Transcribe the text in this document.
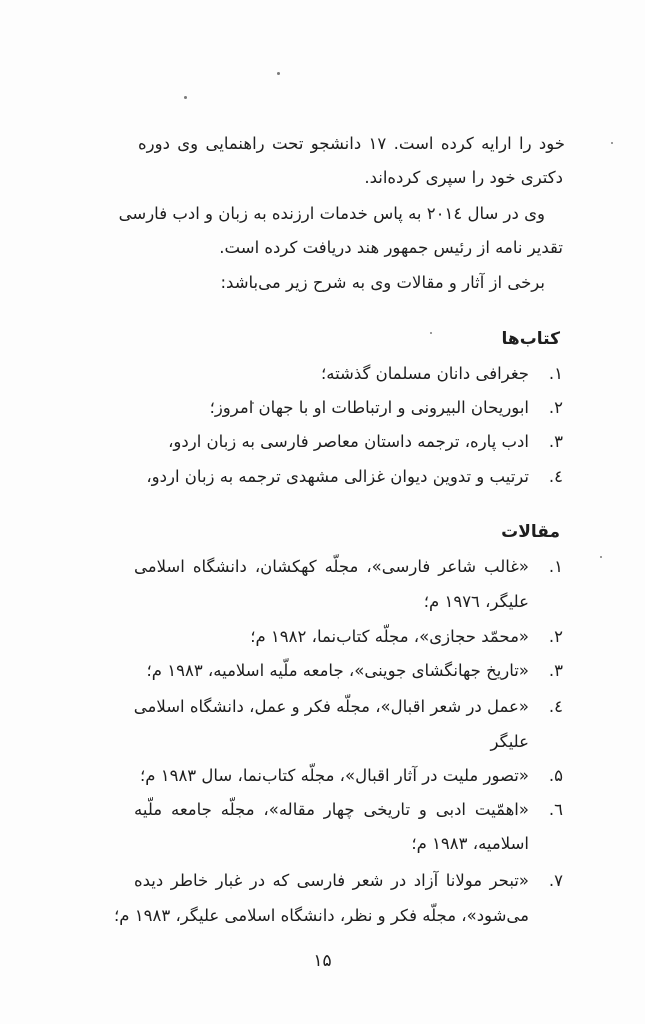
خود را ارایه کرده است. ۱۷ دانشجو تحت راهنمایی وی دوره
دکتری خود را سپری کرده‌اند.
وی در سال ۲۰۱٤ به پاس خدمات ارزنده به زبان و ادب فارسی
تقدیر نامه از رئیس جمهور هند دریافت کرده است.
برخی از آثار و مقالات وی به شرح زیر می‌باشد:
کتاب‌ها
۱.
جغرافی دانان مسلمان گذشته؛
۲.
ابوریحان البیرونی و ارتباطات او با جهان امروز؛
۳.
ادب پاره، ترجمه داستان معاصر فارسی به زبان اردو،
٤.
ترتیب و تدوین دیوان غزالی مشهدی ترجمه به زبان اردو،
مقالات
۱.
«غالب شاعر فارسی»، مجلّه کهکشان، دانشگاه اسلامی
علیگر، ۱۹۷٦ م؛
۲.
«محمّد حجازی»، مجلّه کتاب‌نما، ۱۹۸۲ م؛
۳.
«تاریخ جهانگشای جوینی»، جامعه ملّیه اسلامیه، ۱۹۸۳ م؛
٤.
«عمل در شعر اقبال»، مجلّه فکر و عمل، دانشگاه اسلامی
علیگر
۵.
«تصور ملیت در آثار اقبال»، مجلّه کتاب‌نما، سال ۱۹۸۳ م؛
٦.
«اهمّیت ادبی و تاریخی چهار مقاله»، مجلّه جامعه ملّیه
اسلامیه، ۱۹۸۳ م؛
۷.
«تبحر مولانا آزاد در شعر فارسی که در غبار خاطر دیده
می‌شود»، مجلّه فکر و نظر، دانشگاه اسلامی علیگر، ۱۹۸۳ م؛
۱۵
